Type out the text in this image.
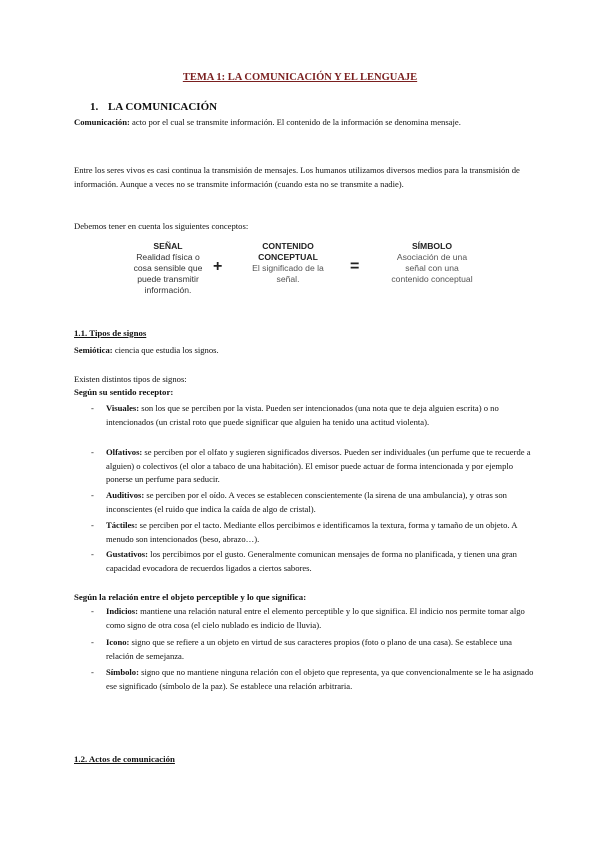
TEMA 1: LA COMUNICACIÓN Y EL LENGUAJE
1. LA COMUNICACIÓN
Comunicación: acto por el cual se transmite información. El contenido de la información se denomina mensaje.
Entre los seres vivos es casi continua la transmisión de mensajes. Los humanos utilizamos diversos medios para la transmisión de información. Aunque a veces no se transmite información (cuando esta no se transmite a nadie).
Debemos tener en cuenta los siguientes conceptos:
SEÑAL
Realidad física o cosa sensible que puede transmitir información.
+
CONTENIDO CONCEPTUAL
El significado de la señal.
=
SÍMBOLO
Asociación de una señal con una contenido conceptual
1.1. Tipos de signos
Semiótica: ciencia que estudia los signos.
Existen distintos tipos de signos:
Según su sentido receptor:
- Visuales: son los que se perciben por la vista. Pueden ser intencionados (una nota que te deja alguien escrita) o no intencionados (un cristal roto que puede significar que alguien ha tenido una actitud violenta).
- Olfativos: se perciben por el olfato y sugieren significados diversos. Pueden ser individuales (un perfume que te recuerde a alguien) o colectivos (el olor a tabaco de una habitación). El emisor puede actuar de forma intencionada y por ejemplo ponerse un perfume para seducir.
- Auditivos: se perciben por el oído. A veces se establecen conscientemente (la sirena de una ambulancia), y otras son inconscientes (el ruido que indica la caída de algo de cristal).
- Táctiles: se perciben por el tacto. Mediante ellos percibimos e identificamos la textura, forma y tamaño de un objeto. A menudo son intencionados (beso, abrazo…).
- Gustativos: los percibimos por el gusto. Generalmente comunican mensajes de forma no planificada, y tienen una gran capacidad evocadora de recuerdos ligados a ciertos sabores.
Según la relación entre el objeto perceptible y lo que significa:
- Indicios: mantiene una relación natural entre el elemento perceptible y lo que significa. El indicio nos permite tomar algo como signo de otra cosa (el cielo nublado es indicio de lluvia).
- Icono: signo que se refiere a un objeto en virtud de sus caracteres propios (foto o plano de una casa). Se establece una relación de semejanza.
- Símbolo: signo que no mantiene ninguna relación con el objeto que representa, ya que convencionalmente se le ha asignado ese significado (símbolo de la paz). Se establece una relación arbitraria.
1.2. Actos de comunicación
